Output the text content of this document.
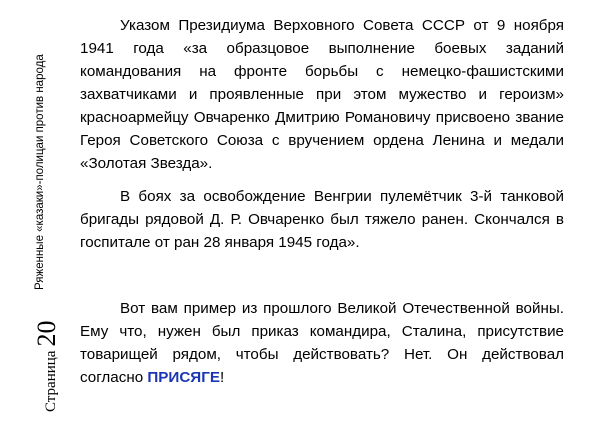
Ряженные «казаки»-полицаи против народа
Страница20

Указом Президиума Верховного Совета СССР от 9 ноября 1941 года «за образцовое выполнение боевых заданий командования на фронте борьбы с немецко-фашистскими захватчиками и проявленные при этом мужество и героизм» красноармейцу Овчаренко Дмитрию Романовичу присвоено звание Героя Советского Союза с вручением ордена Ленина и медали «Золотая Звезда».

В боях за освобождение Венгрии пулемётчик 3-й танковой бригады рядовой Д. Р. Овчаренко был тяжело ранен. Скончался в госпитале от ран 28 января 1945 года».

Вот вам пример из прошлого Великой Отечественной войны. Ему что, нужен был приказ командира, Сталина, присутствие товарищей рядом, чтобы действовать? Нет. Он действовал согласно ПРИСЯГЕ!
